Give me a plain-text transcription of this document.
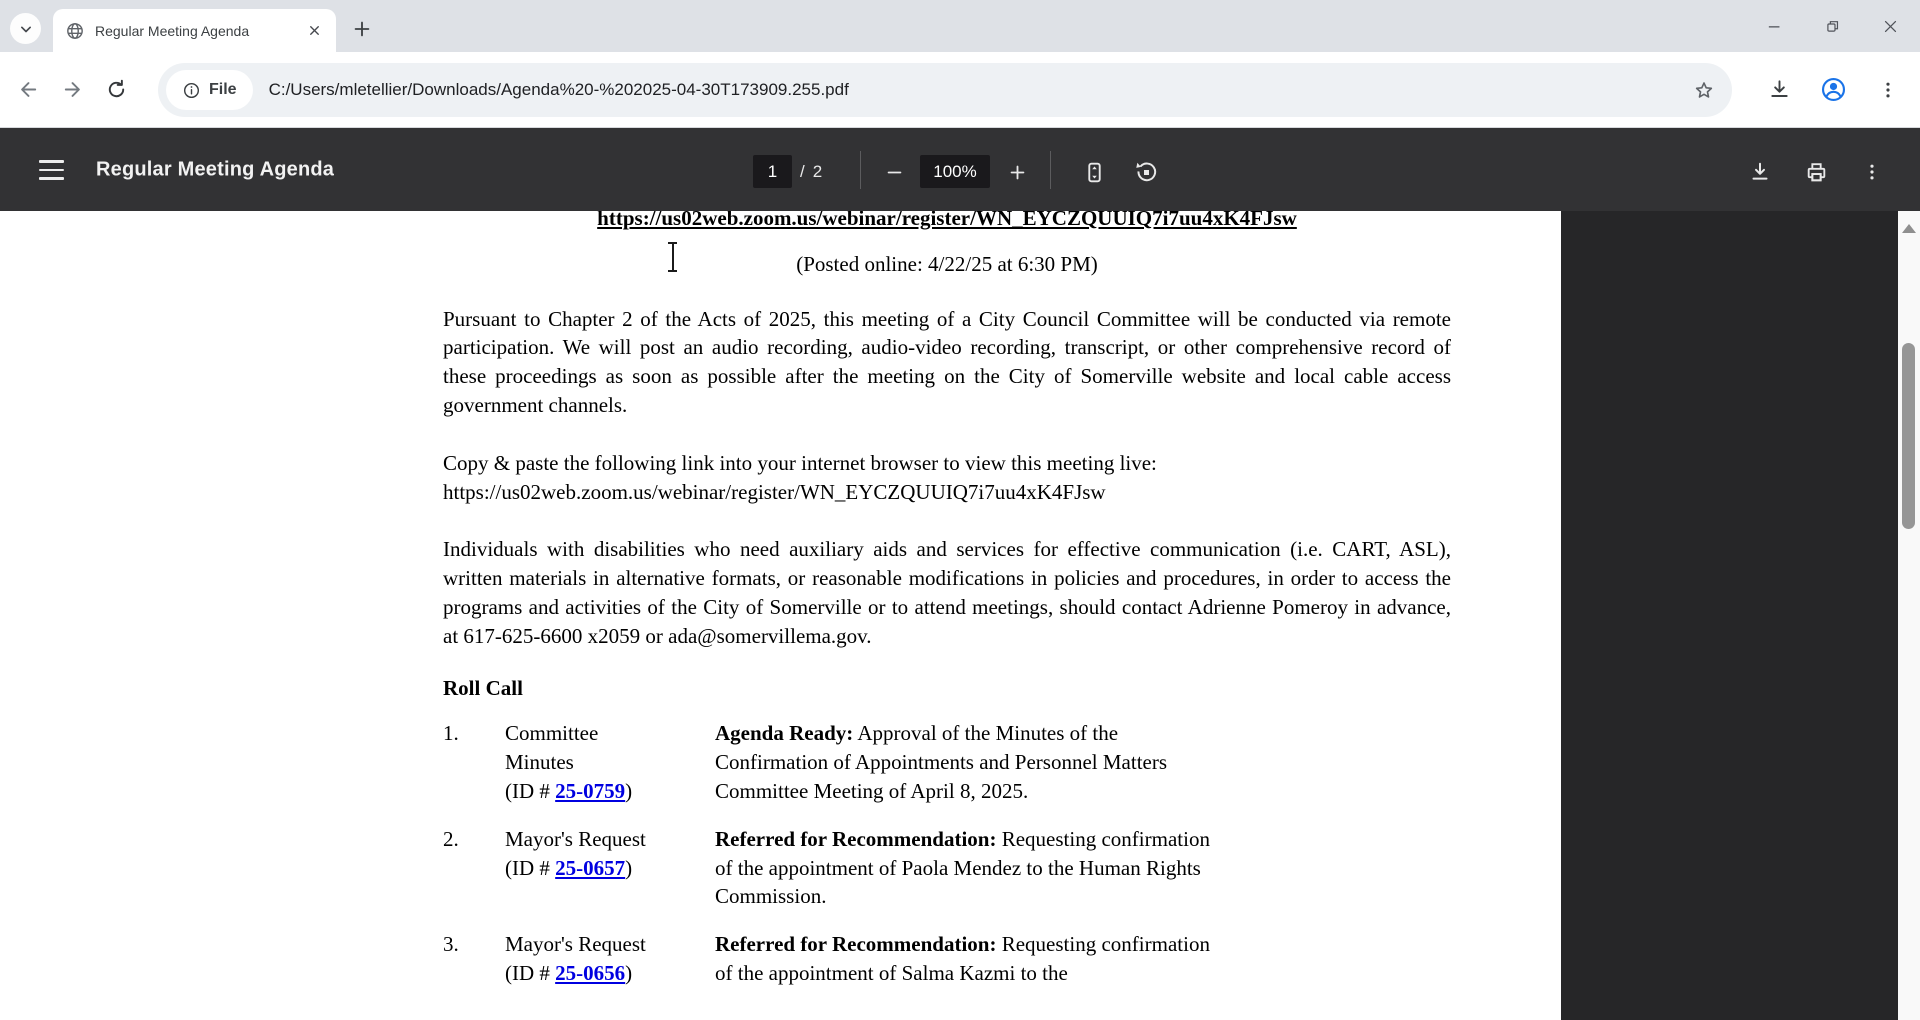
Regular Meeting Agenda
File C:/Users/mletellier/Downloads/Agenda%20-%202025-04-30T173909.255.pdf
Regular Meeting Agenda	1	/ 2	100%
https://us02web.zoom.us/webinar/register/WN_EYCZQUUIQ7i7uu4xK4FJsw
(Posted online: 4/22/25 at 6:30 PM)

Pursuant to Chapter 2 of the Acts of 2025, this meeting of a City Council Committee will be conducted via remote participation. We will post an audio recording, audio-video recording, transcript, or other comprehensive record of these proceedings as soon as possible after the meeting on the City of Somerville website and local cable access government channels.

Copy & paste the following link into your internet browser to view this meeting live:
https://us02web.zoom.us/webinar/register/WN_EYCZQUUIQ7i7uu4xK4FJsw

Individuals with disabilities who need auxiliary aids and services for effective communication (i.e. CART, ASL), written materials in alternative formats, or reasonable modifications in policies and procedures, in order to access the programs and activities of the City of Somerville or to attend meetings, should contact Adrienne Pomeroy in advance, at 617-625-6600 x2059 or ada@somervillema.gov.

Roll Call
1.	Committee Minutes
(ID # 25-0759)

Agenda Ready: Approval of the Minutes of the Confirmation of Appointments and Personnel Matters Committee Meeting of April 8, 2025.

2.	Mayor's Request
(ID # 25-0657)

Referred for Recommendation: Requesting confirmation of the appointment of Paola Mendez to the Human Rights Commission.

3.	Mayor's Request
(ID # 25-0656)

Referred for Recommendation: Requesting confirmation of the appointment of Salma Kazmi to the
